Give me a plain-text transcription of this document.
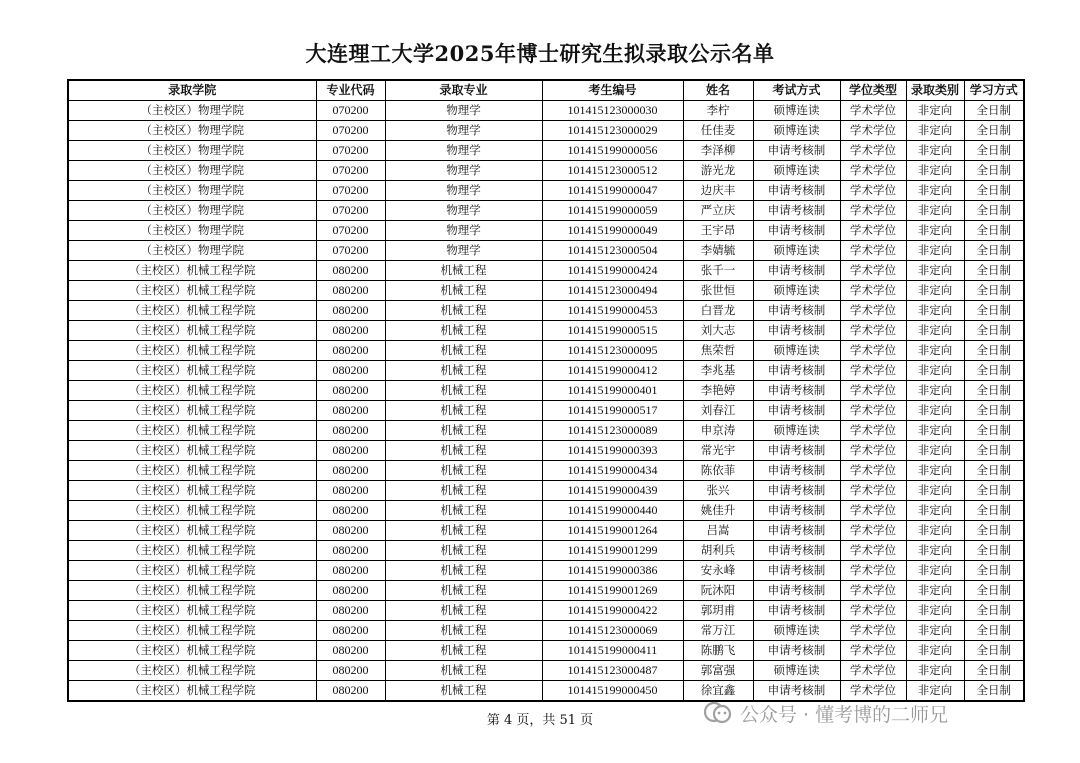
大连理工大学2025年博士研究生拟录取公示名单
录取学院	专业代码	录取专业	考生编号	姓名	考试方式	学位类型	录取类别	学习方式
（主校区）物理学院	070200	物理学	101415123000030	李柠	硕博连读	学术学位	非定向	全日制
（主校区）物理学院	070200	物理学	101415123000029	任佳麦	硕博连读	学术学位	非定向	全日制
（主校区）物理学院	070200	物理学	101415199000056	李泽柳	申请考核制	学术学位	非定向	全日制
（主校区）物理学院	070200	物理学	101415123000512	游光龙	硕博连读	学术学位	非定向	全日制
（主校区）物理学院	070200	物理学	101415199000047	边庆丰	申请考核制	学术学位	非定向	全日制
（主校区）物理学院	070200	物理学	101415199000059	严立庆	申请考核制	学术学位	非定向	全日制
（主校区）物理学院	070200	物理学	101415199000049	王宇昂	申请考核制	学术学位	非定向	全日制
（主校区）物理学院	070200	物理学	101415123000504	李婧毓	硕博连读	学术学位	非定向	全日制
（主校区）机械工程学院	080200	机械工程	101415199000424	张千一	申请考核制	学术学位	非定向	全日制
（主校区）机械工程学院	080200	机械工程	101415123000494	张世恒	硕博连读	学术学位	非定向	全日制
（主校区）机械工程学院	080200	机械工程	101415199000453	白晋龙	申请考核制	学术学位	非定向	全日制
（主校区）机械工程学院	080200	机械工程	101415199000515	刘大志	申请考核制	学术学位	非定向	全日制
（主校区）机械工程学院	080200	机械工程	101415123000095	焦荣哲	硕博连读	学术学位	非定向	全日制
（主校区）机械工程学院	080200	机械工程	101415199000412	李兆基	申请考核制	学术学位	非定向	全日制
（主校区）机械工程学院	080200	机械工程	101415199000401	李艳婷	申请考核制	学术学位	非定向	全日制
（主校区）机械工程学院	080200	机械工程	101415199000517	刘春江	申请考核制	学术学位	非定向	全日制
（主校区）机械工程学院	080200	机械工程	101415123000089	申京涛	硕博连读	学术学位	非定向	全日制
（主校区）机械工程学院	080200	机械工程	101415199000393	常光宇	申请考核制	学术学位	非定向	全日制
（主校区）机械工程学院	080200	机械工程	101415199000434	陈依菲	申请考核制	学术学位	非定向	全日制
（主校区）机械工程学院	080200	机械工程	101415199000439	张兴	申请考核制	学术学位	非定向	全日制
（主校区）机械工程学院	080200	机械工程	101415199000440	姚佳升	申请考核制	学术学位	非定向	全日制
（主校区）机械工程学院	080200	机械工程	101415199001264	吕嵩	申请考核制	学术学位	非定向	全日制
（主校区）机械工程学院	080200	机械工程	101415199001299	胡利兵	申请考核制	学术学位	非定向	全日制
（主校区）机械工程学院	080200	机械工程	101415199000386	安永峰	申请考核制	学术学位	非定向	全日制
（主校区）机械工程学院	080200	机械工程	101415199001269	阮沐阳	申请考核制	学术学位	非定向	全日制
（主校区）机械工程学院	080200	机械工程	101415199000422	郭玥甫	申请考核制	学术学位	非定向	全日制
（主校区）机械工程学院	080200	机械工程	101415123000069	常万江	硕博连读	学术学位	非定向	全日制
（主校区）机械工程学院	080200	机械工程	101415199000411	陈鹏飞	申请考核制	学术学位	非定向	全日制
（主校区）机械工程学院	080200	机械工程	101415123000487	郭富强	硕博连读	学术学位	非定向	全日制
（主校区）机械工程学院	080200	机械工程	101415199000450	徐宜鑫	申请考核制	学术学位	非定向	全日制
第 4 页，共 51 页	公众号 · 懂考博的二师兄
